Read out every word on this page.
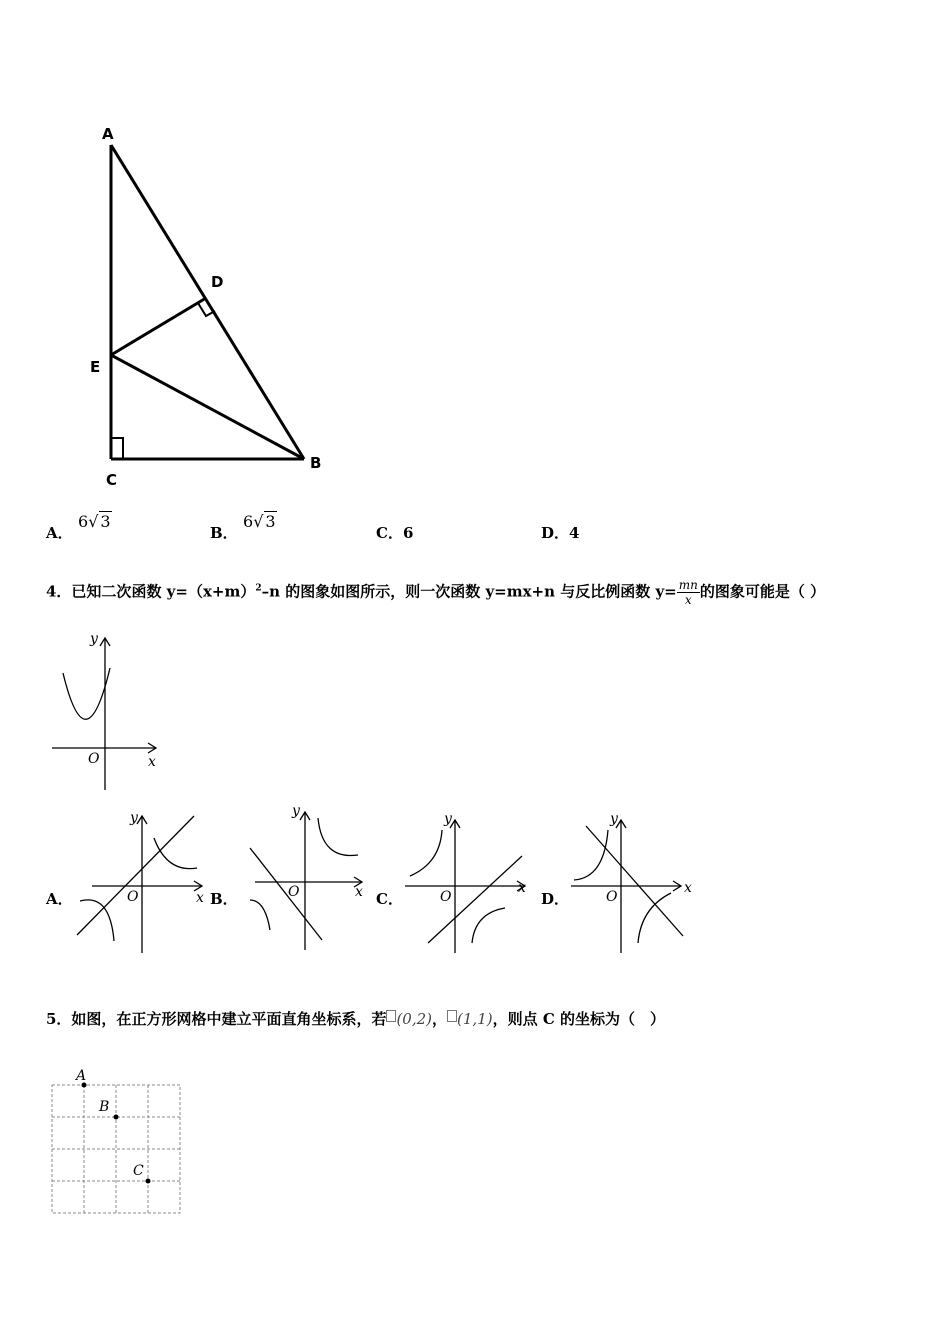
A
D
E
C
B
A．
6√ 3
B．
6√ 3
C．6	D．4
4．已知二次函数 $y=(x+m)^2-n$ 的图象如图所示，则一次函数 y=mx+n 与反比例函数 $y= \frac{mn}{x}$ 的图象可能是（ ）
y
x
O
A．
y
x
O	B．
y
x
O	C．
y
x
O	D．
y
x
O
5．如图，在正方形网格中建立平面直角坐标系，若 (0,2)， (1,1)，则点 C 的坐标为（　）
A
B
C
